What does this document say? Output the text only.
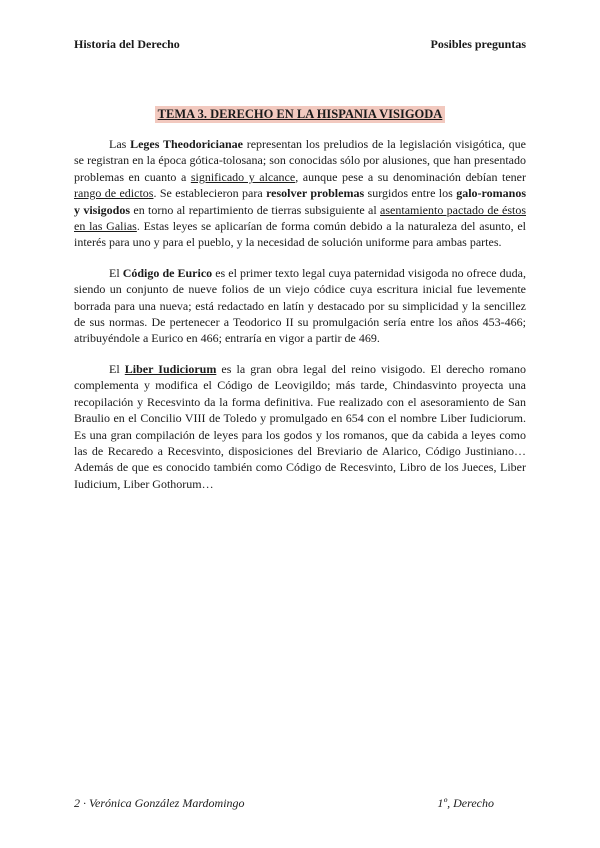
Historia del Derecho	Posibles preguntas
TEMA 3. DERECHO EN LA HISPANIA VISIGODA

Las Leges Theodoricianae representan los preludios de la legislación visigótica, que se registran en la época gótica-tolosana; son conocidas sólo por alusiones, que han presentado problemas en cuanto a significado y alcance, aunque pese a su denominación debían tener rango de edictos. Se establecieron para resolver problemas surgidos entre los galo-romanos y visigodos en torno al repartimiento de tierras subsiguiente al asentamiento pactado de éstos en las Galias. Estas leyes se aplicarían de forma común debido a la naturaleza del asunto, el interés para uno y para el pueblo, y la necesidad de solución uniforme para ambas partes.

El Código de Eurico es el primer texto legal cuya paternidad visigoda no ofrece duda, siendo un conjunto de nueve folios de un viejo códice cuya escritura inicial fue levemente borrada para una nueva; está redactado en latín y destacado por su simplicidad y la sencillez de sus normas. De pertenecer a Teodorico II su promulgación sería entre los años 453-466; atribuyéndole a Eurico en 466; entraría en vigor a partir de 469.

El Liber Iudiciorum es la gran obra legal del reino visigodo. El derecho romano complementa y modifica el Código de Leovigildo; más tarde, Chindasvinto proyecta una recopilación y Recesvinto da la forma definitiva. Fue realizado con el asesoramiento de San Braulio en el Concilio VIII de Toledo y promulgado en 654 con el nombre Liber Iudiciorum. Es una gran compilación de leyes para los godos y los romanos, que da cabida a leyes como las de Recaredo a Recesvinto, disposiciones del Breviario de Alarico, Código Justiniano… Además de que es conocido también como Código de Recesvinto, Libro de los Jueces, Liber Iudicium, Liber Gothorum…

2 · Verónica González Mardomingo	1º, Derecho
